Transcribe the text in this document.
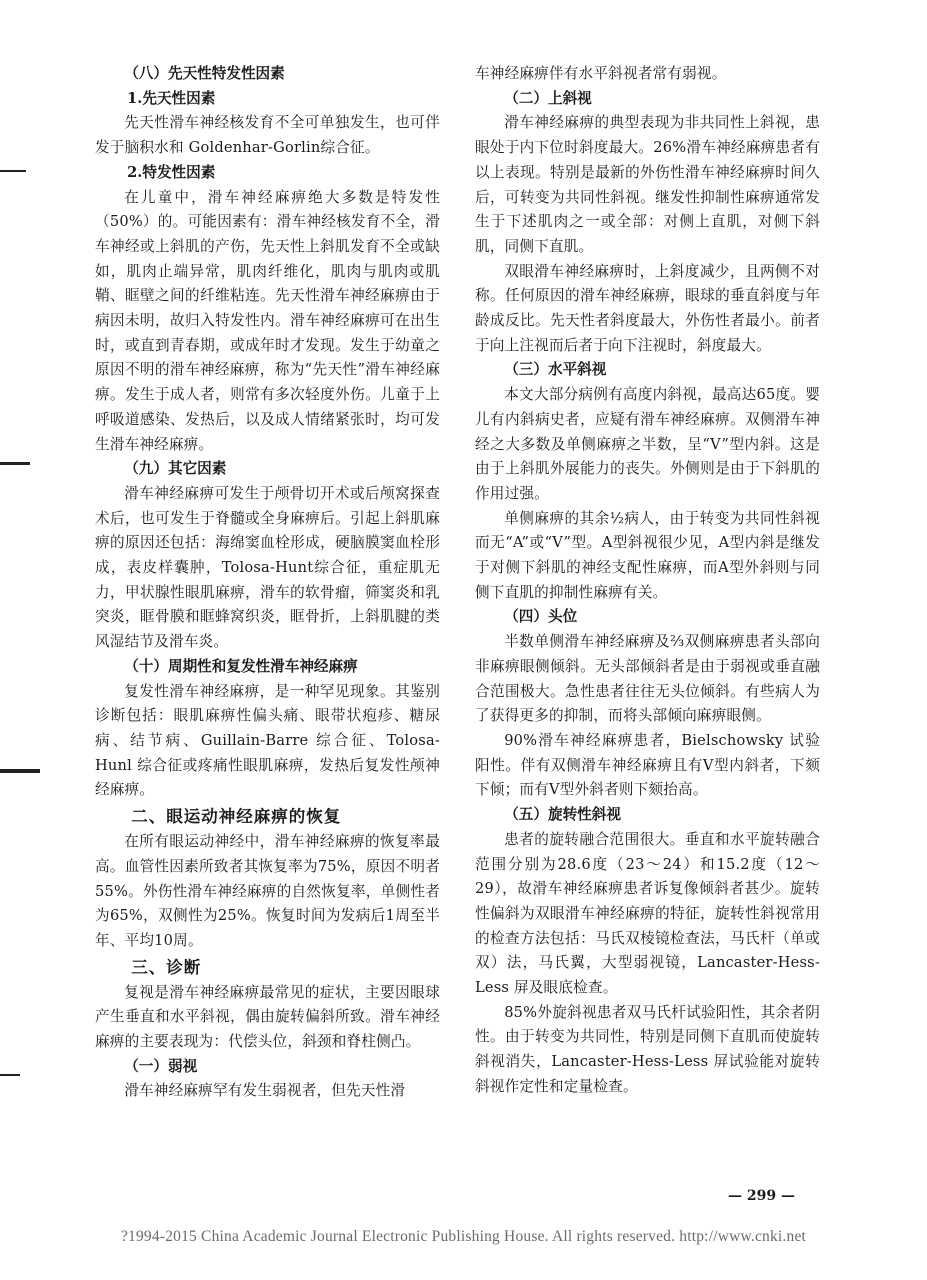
（八）先天性特发性因素
1.先天性因素

先天性滑车神经核发育不全可单独发生，也可伴发于脑积水和 Goldenhar-Gorlin综合征。

2.特发性因素

在儿童中，滑车神经麻痹绝大多数是特发性（50%）的。可能因素有：滑车神经核发育不全，滑车神经或上斜肌的产伤，先天性上斜肌发育不全或缺如，肌肉止端异常，肌肉纤维化，肌肉与肌肉或肌鞘、眶壁之间的纤维粘连。先天性滑车神经麻痹由于病因未明，故归入特发性内。滑车神经麻痹可在出生时，或直到青春期，或成年时才发现。发生于幼童之原因不明的滑车神经麻痹，称为“先天性”滑车神经麻痹。发生于成人者，则常有多次轻度外伤。儿童于上呼吸道感染、发热后，以及成人情绪紧张时，均可发生滑车神经麻痹。

（九）其它因素

滑车神经麻痹可发生于颅骨切开术或后颅窝探查术后，也可发生于脊髓或全身麻痹后。引起上斜肌麻痹的原因还包括：海绵窦血栓形成，硬脑膜窦血栓形成，表皮样囊肿，Tolosa-Hunt综合征，重症肌无力，甲状腺性眼肌麻痹，滑车的软骨瘤，筛窦炎和乳突炎，眶骨膜和眶蜂窝织炎，眶骨折，上斜肌腱的类风湿结节及滑车炎。

（十）周期性和复发性滑车神经麻痹

复发性滑车神经麻痹，是一种罕见现象。其鉴别诊断包括：眼肌麻痹性偏头痛、眼带状疱疹、糖尿病、结节病、Guillain-Barre 综合征、Tolosa-Hunl 综合征或疼痛性眼肌麻痹，发热后复发性颅神经麻痹。

二、眼运动神经麻痹的恢复

在所有眼运动神经中，滑车神经麻痹的恢复率最高。血管性因素所致者其恢复率为75%，原因不明者55%。外伤性滑车神经麻痹的自然恢复率，单侧性者为65%，双侧性为25%。恢复时间为发病后1周至半年、平均10周。

三、诊断

复视是滑车神经麻痹最常见的症状，主要因眼球产生垂直和水平斜视，偶由旋转偏斜所致。滑车神经麻痹的主要表现为：代偿头位，斜颈和脊柱侧凸。

（一）弱视

滑车神经麻痹罕有发生弱视者，但先天性滑

车神经麻痹伴有水平斜视者常有弱视。

（二）上斜视

滑车神经麻痹的典型表现为非共同性上斜视，患眼处于内下位时斜度最大。26%滑车神经麻痹患者有以上表现。特别是最新的外伤性滑车神经麻痹时间久后，可转变为共同性斜视。继发性抑制性麻痹通常发生于下述肌肉之一或全部：对侧上直肌，对侧下斜肌，同侧下直肌。

双眼滑车神经麻痹时，上斜度减少，且两侧不对称。任何原因的滑车神经麻痹，眼球的垂直斜度与年龄成反比。先天性者斜度最大，外伤性者最小。前者于向上注视而后者于向下注视时，斜度最大。

（三）水平斜视

本文大部分病例有高度内斜视，最高达65度。婴儿有内斜病史者，应疑有滑车神经麻痹。双侧滑车神经之大多数及单侧麻痹之半数，呈“V”型内斜。这是由于上斜肌外展能力的丧失。外侧则是由于下斜肌的作用过强。

单侧麻痹的其余½病人，由于转变为共同性斜视而无“A”或“V”型。A型斜视很少见，A型内斜是继发于对侧下斜肌的神经支配性麻痹，而A型外斜则与同侧下直肌的抑制性麻痹有关。

（四）头位

半数单侧滑车神经麻痹及⅔双侧麻痹患者头部向非麻痹眼侧倾斜。无头部倾斜者是由于弱视或垂直融合范围极大。急性患者往往无头位倾斜。有些病人为了获得更多的抑制，而将头部倾向麻痹眼侧。

90%滑车神经麻痹患者，Bielschowsky 试验阳性。伴有双侧滑车神经麻痹且有V型内斜者，下颏下倾；而有V型外斜者则下颏抬高。

（五）旋转性斜视

患者的旋转融合范围很大。垂直和水平旋转融合范围分别为28.6度（23～24）和15.2度（12～29），故滑车神经麻痹患者诉复像倾斜者甚少。旋转性偏斜为双眼滑车神经麻痹的特征，旋转性斜视常用的检查方法包括：马氏双棱镜检查法，马氏杆（单或双）法，马氏翼，大型弱视镜，Lancaster-Hess-Less 屏及眼底检查。

85%外旋斜视患者双马氏杆试验阳性，其余者阴性。由于转变为共同性，特别是同侧下直肌而使旋转斜视消失，Lancaster-Hess-Less 屏试验能对旋转斜视作定性和定量检查。

— 299 —
?1994-2015 China Academic Journal Electronic Publishing House. All rights reserved. http://www.cnki.net
